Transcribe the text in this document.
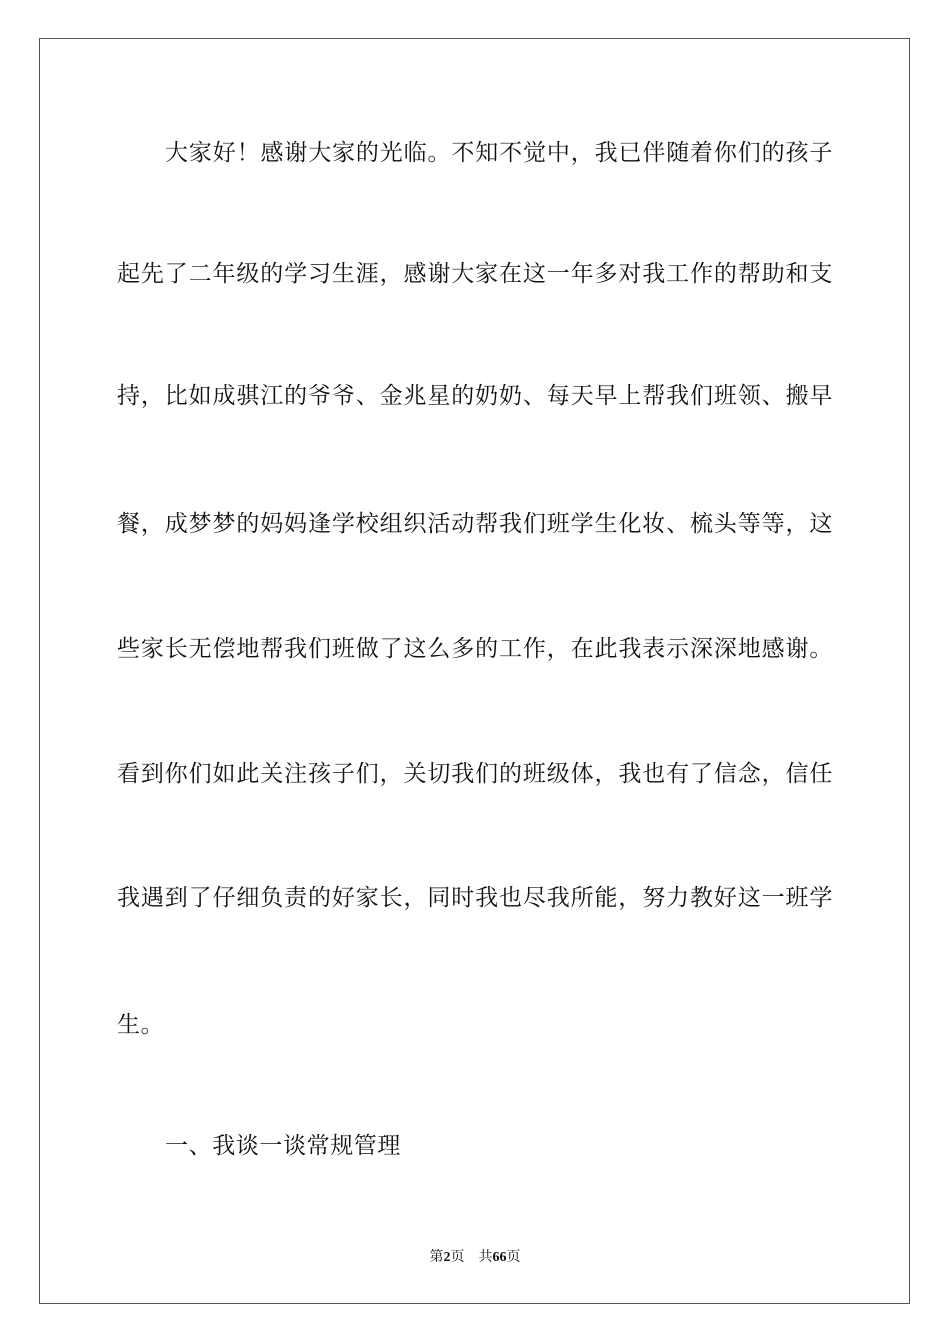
大家好！感谢大家的光临。不知不觉中，我已伴随着你们的孩子
起先了二年级的学习生涯，感谢大家在这一年多对我工作的帮助和支
持，比如成骐江的爷爷、金兆星的奶奶、每天早上帮我们班领、搬早
餐，成梦梦的妈妈逢学校组织活动帮我们班学生化妆、梳头等等，这
些家长无偿地帮我们班做了这么多的工作，在此我表示深深地感谢。
看到你们如此关注孩子们，关切我们的班级体，我也有了信念，信任
我遇到了仔细负责的好家长，同时我也尽我所能，努力教好这一班学
生。
一、我谈一谈常规管理
第2页 共66页
